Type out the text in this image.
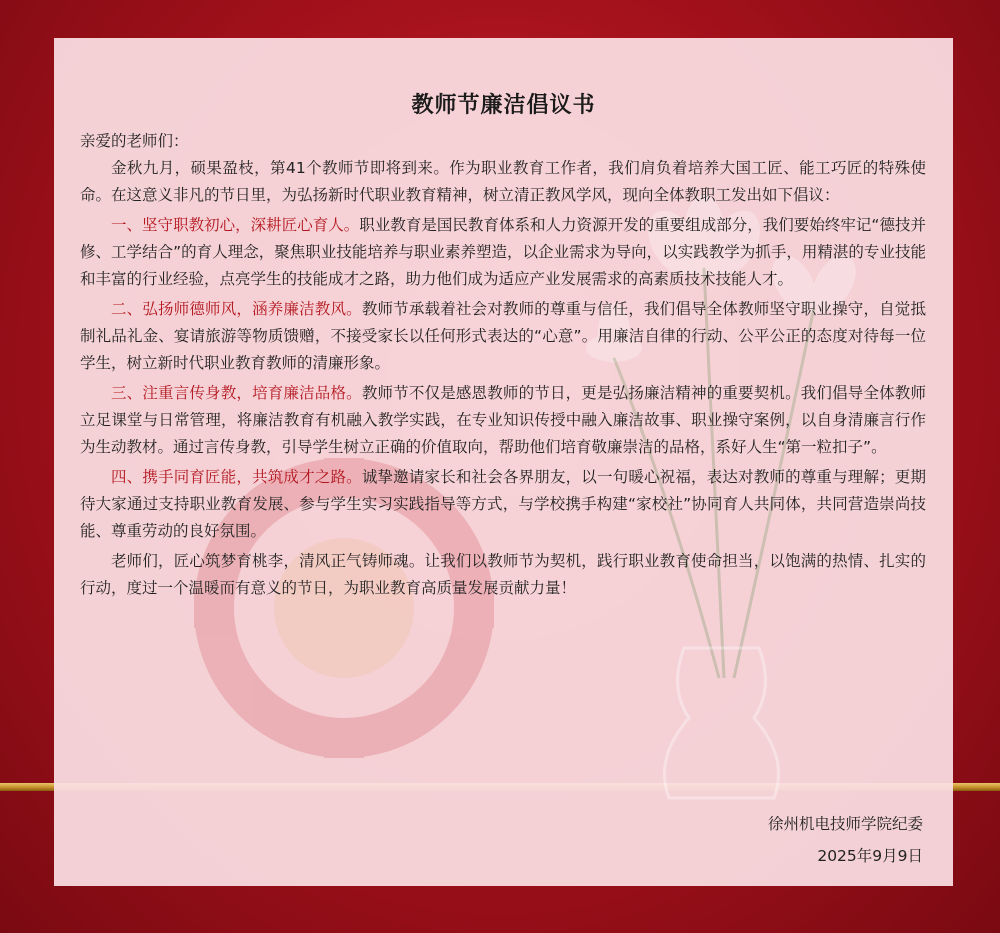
教师节廉洁倡议书

亲爱的老师们：

金秋九月，硕果盈枝，第41个教师节即将到来。作为职业教育工作者，我们肩负着培养大国工匠、能工巧匠的特殊使命。在这意义非凡的节日里，为弘扬新时代职业教育精神，树立清正教风学风，现向全体教职工发出如下倡议：

一、坚守职教初心，深耕匠心育人。职业教育是国民教育体系和人力资源开发的重要组成部分，我们要始终牢记“德技并修、工学结合”的育人理念，聚焦职业技能培养与职业素养塑造，以企业需求为导向，以实践教学为抓手，用精湛的专业技能和丰富的行业经验，点亮学生的技能成才之路，助力他们成为适应产业发展需求的高素质技术技能人才。

二、弘扬师德师风，涵养廉洁教风。教师节承载着社会对教师的尊重与信任，我们倡导全体教师坚守职业操守，自觉抵制礼品礼金、宴请旅游等物质馈赠，不接受家长以任何形式表达的“心意”。用廉洁自律的行动、公平公正的态度对待每一位学生，树立新时代职业教育教师的清廉形象。

三、注重言传身教，培育廉洁品格。教师节不仅是感恩教师的节日，更是弘扬廉洁精神的重要契机。我们倡导全体教师立足课堂与日常管理，将廉洁教育有机融入教学实践，在专业知识传授中融入廉洁故事、职业操守案例，以自身清廉言行作为生动教材。通过言传身教，引导学生树立正确的价值取向，帮助他们培育敬廉崇洁的品格，系好人生“第一粒扣子”。

四、携手同育匠能，共筑成才之路。诚挚邀请家长和社会各界朋友，以一句暖心祝福，表达对教师的尊重与理解；更期待大家通过支持职业教育发展、参与学生实习实践指导等方式，与学校携手构建“家校社”协同育人共同体，共同营造崇尚技能、尊重劳动的良好氛围。

老师们，匠心筑梦育桃李，清风正气铸师魂。让我们以教师节为契机，践行职业教育使命担当，以饱满的热情、扎实的行动，度过一个温暖而有意义的节日，为职业教育高质量发展贡献力量！

徐州机电技师学院纪委
2025年9月9日
